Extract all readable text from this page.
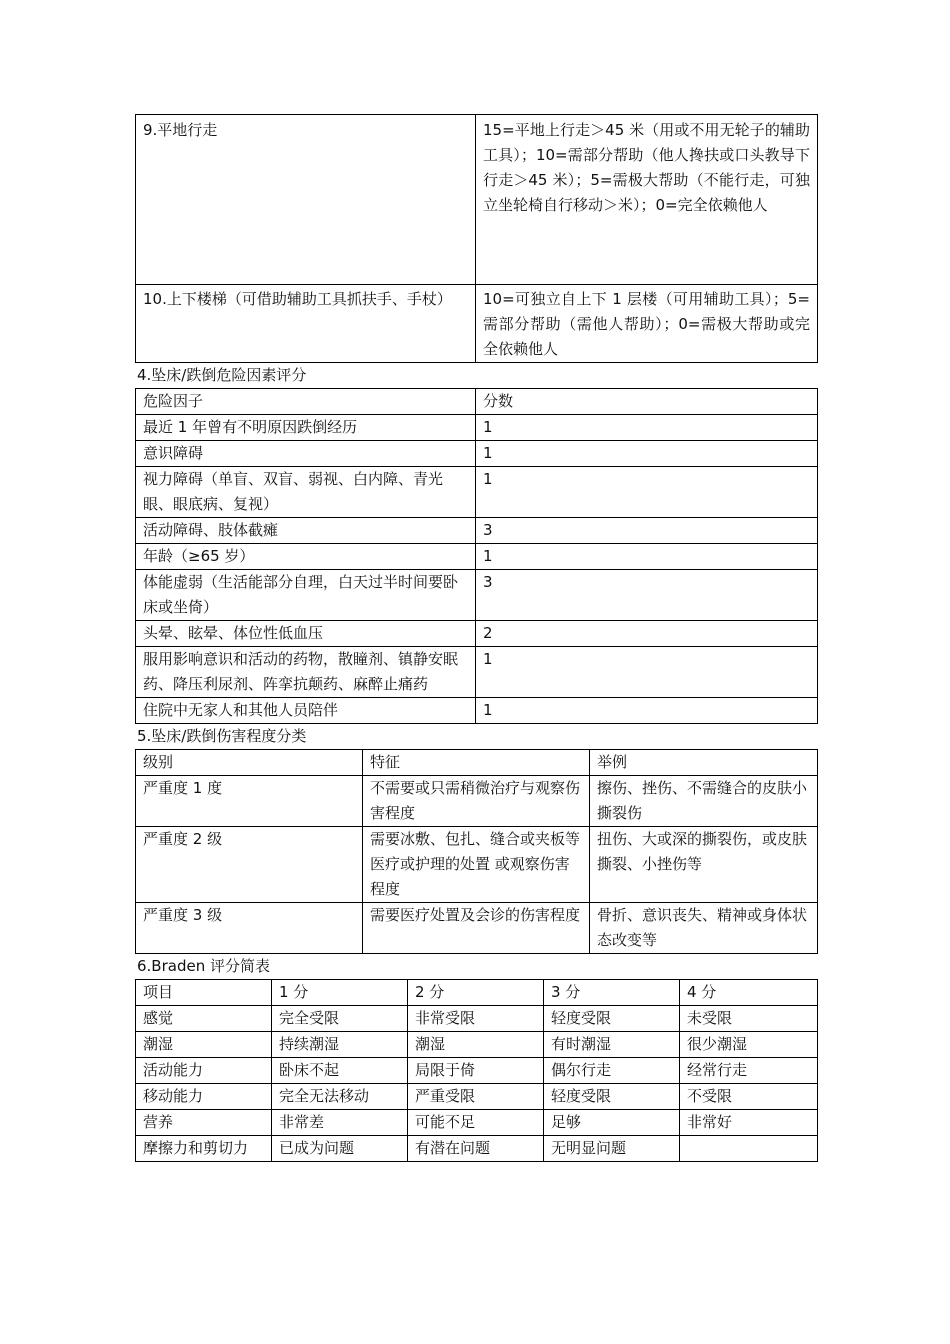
9.平地行走	15=平地上行走＞45 米（用或不用无轮子的辅助工具）；10=需部分帮助（他人搀扶或口头教导下行走＞45 米）；5=需极大帮助（不能行走，可独立坐轮椅自行移动＞米）；0=完全依赖他人
10.上下楼梯（可借助辅助工具抓扶手、手杖）	10=可独立自上下 1 层楼（可用辅助工具）；5=需部分帮助（需他人帮助）；0=需极大帮助或完全依赖他人
4.坠床/跌倒危险因素评分
危险因子	分数
最近 1 年曾有不明原因跌倒经历	1
意识障碍	1
视力障碍（单盲、双盲、弱视、白内障、青光眼、眼底病、复视）	1
活动障碍、肢体截瘫	3
年龄（≥65 岁）	1
体能虚弱（生活能部分自理，白天过半时间要卧床或坐倚）	3
头晕、眩晕、体位性低血压	2
服用影响意识和活动的药物，散瞳剂、镇静安眠药、降压利尿剂、阵挛抗颠药、麻醉止痛药	1
住院中无家人和其他人员陪伴	1
5.坠床/跌倒伤害程度分类
级别	特征	举例
严重度 1 度	不需要或只需稍微治疗与观察伤害程度	擦伤、挫伤、不需缝合的皮肤小撕裂伤
严重度 2 级	需要冰敷、包扎、缝合或夹板等医疗或护理的处置 或观察伤害程度	扭伤、大或深的撕裂伤，或皮肤撕裂、小挫伤等
严重度 3 级	需要医疗处置及会诊的伤害程度	骨折、意识丧失、精神或身体状态改变等
6.Braden 评分简表
项目	1 分	2 分	3 分	4 分
感觉	完全受限	非常受限	轻度受限	未受限
潮湿	持续潮湿	潮湿	有时潮湿	很少潮湿
活动能力	卧床不起	局限于倚	偶尔行走	经常行走
移动能力	完全无法移动	严重受限	轻度受限	不受限
营养	非常差	可能不足	足够	非常好
摩擦力和剪切力	已成为问题	有潜在问题	无明显问题	
